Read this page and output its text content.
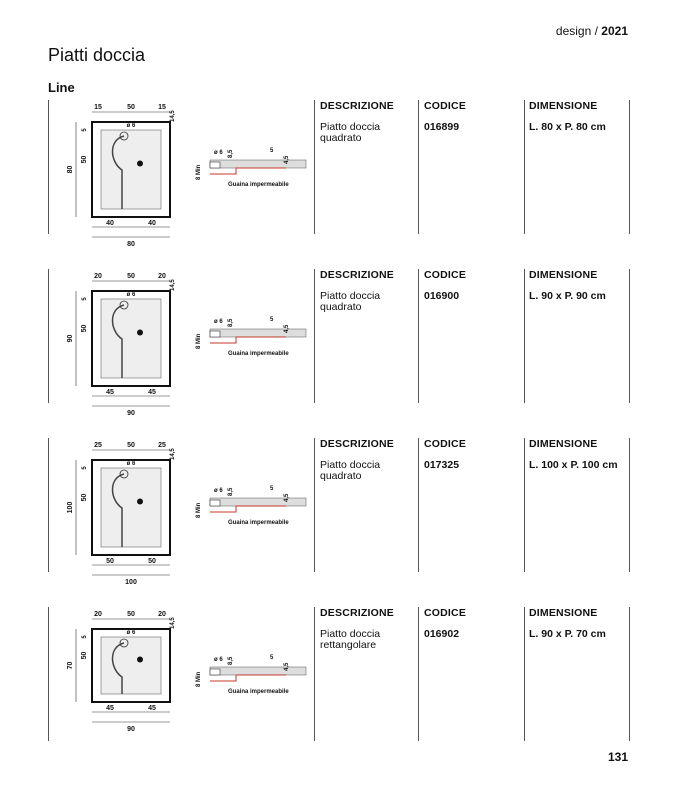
design / 2021
Piatti doccia
Line
15	50	15
ø 6
14,5
80
50
5
40	40
80
8 Min
ø 6 8,5	5
4,5
Guaina impermeabile
DESCRIZIONE
Piatto doccia
quadrato
CODICE
016899
DIMENSIONE
L. 80 x P. 80 cm
20	50	20
ø 6
14,5
90
50
5
45	45
90
8 Min
ø 6 8,5	5
4,5
Guaina impermeabile
DESCRIZIONE
Piatto doccia
quadrato
CODICE
016900
DIMENSIONE
L. 90 x P. 90 cm
25	50	25
ø 6
14,5
100
50
5
50	50
100
8 Min
ø 6 8,5	5
4,5
Guaina impermeabile
DESCRIZIONE
Piatto doccia
quadrato
CODICE
017325
DIMENSIONE
L. 100 x P. 100 cm
20	50	20
ø 6
14,5
70
50
5
45	45
90
8 Min
ø 6 8,5	5
4,5
Guaina impermeabile
DESCRIZIONE
Piatto doccia
rettangolare
CODICE
016902
DIMENSIONE
L. 90 x P. 70 cm
131
